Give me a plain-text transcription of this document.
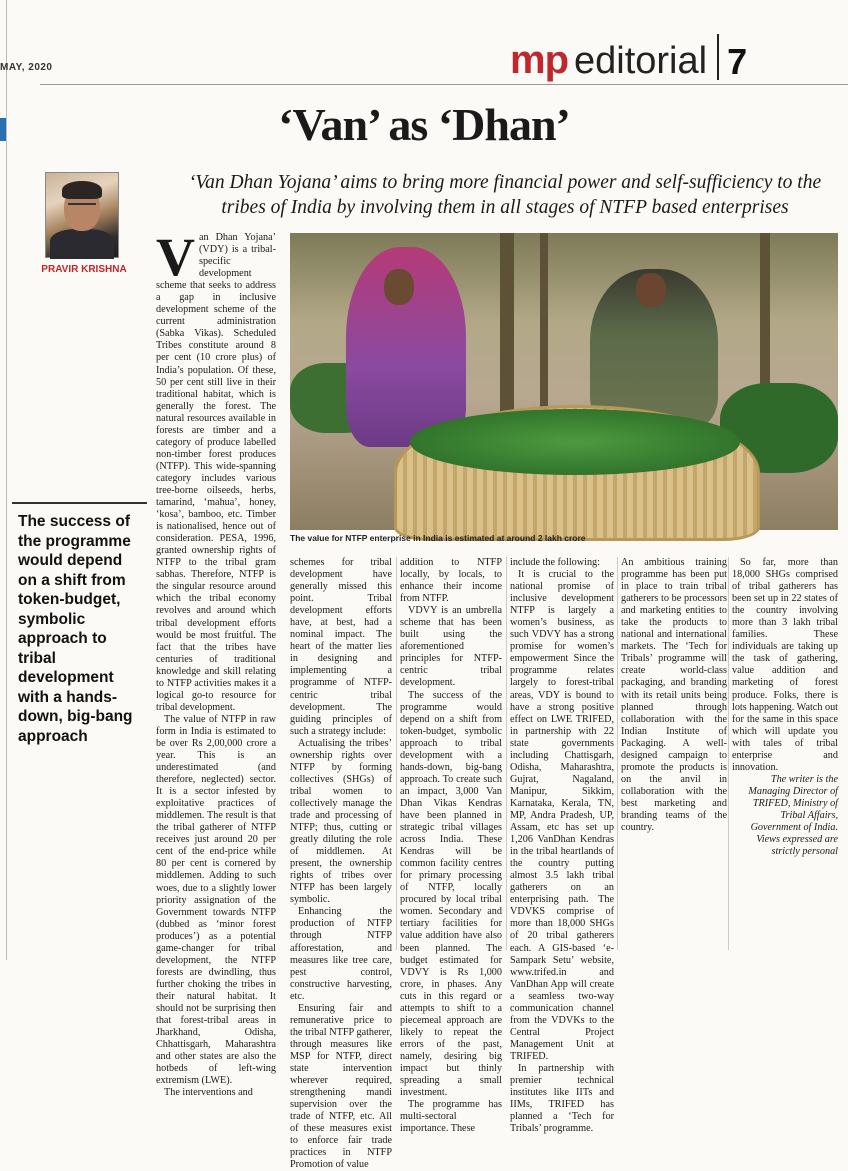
MAY, 2020	mp editorial 7
‘Van’ as ‘Dhan’
‘Van Dhan Yojana’ aims to bring more financial power and self-sufficiency to the tribes of India by involving them in all stages of NTFP based enterprises
PRAVIR KRISHNA
The success of the programme would depend on a shift from token-budget, symbolic approach to tribal development with a hands-down, big-bang approach
V an Dhan Yojana’ (VDY) is a tribal-specific development scheme that seeks to address a gap in inclusive development scheme of the current administration (Sabka Vikas). Scheduled Tribes constitute around 8 per cent (10 crore plus) of India’s population. Of these, 50 per cent still live in their traditional habitat, which is generally the forest. The natural resources available in forests are timber and a category of produce labelled non-timber forest produces (NTFP). This wide-spanning category includes various tree-borne oilseeds, herbs, tamarind, ‘mahua’, honey, ‘kosa’, bamboo, etc. Timber is nationalised, hence out of consideration. PESA, 1996, granted ownership rights of NTFP to the tribal gram sabhas. Therefore, NTFP is the singular resource around which the tribal economy revolves and around which tribal development efforts would be most fruitful. The fact that the tribes have centuries of traditional knowledge and skill relating to NTFP activities makes it a logical go-to resource for tribal development.

The value of NTFP in raw form in India is estimated to be over Rs 2,00,000 crore a year. This is an underestimated (and therefore, neglected) sector. It is a sector infested by exploitative practices of middlemen. The result is that the tribal gatherer of NTFP receives just around 20 per cent of the end-price while 80 per cent is cornered by middlemen. Adding to such woes, due to a slightly lower priority assignation of the Government towards NTFP (dubbed as ‘minor forest produces’) as a potential game-changer for tribal development, the NTFP forests are dwindling, thus further choking the tribes in their natural habitat. It should not be surprising then that forest-tribal areas in Jharkhand, Odisha, Chhattisgarh, Maharashtra and other states are also the hotbeds of left-wing extremism (LWE).

The interventions and

The value for NTFP enterprise in India is estimated at around 2 lakh crore

schemes for tribal development have generally missed this point. Tribal development efforts have, at best, had a nominal impact. The heart of the matter lies in designing and implementing a programme of NTFP-centric tribal development. The guiding principles of such a strategy include:

Actualising the tribes’ ownership rights over NTFP by forming collectives (SHGs) of tribal women to collectively manage the trade and processing of NTFP; thus, cutting or greatly diluting the role of middlemen. At present, the ownership rights of tribes over NTFP has been largely symbolic.

Enhancing the production of NTFP through NTFP afforestation, and measures like tree care, pest control, constructive harvesting, etc.

Ensuring fair and remunerative price to the tribal NTFP gatherer, through measures like MSP for NTFP, direct state intervention wherever required, strengthening mandi supervision over the trade of NTFP, etc. All of these measures exist to enforce fair trade practices in NTFP Promotion of value

addition to NTFP locally, by locals, to enhance their income from NTFP.

VDVY is an umbrella scheme that has been built using the aforementioned principles for NTFP-centric tribal development.

The success of the programme would depend on a shift from token-budget, symbolic approach to tribal development with a hands-down, big-bang approach. To create such an impact, 3,000 Van Dhan Vikas Kendras have been planned in strategic tribal villages across India. These Kendras will be common facility centres for primary processing of NTFP, locally procured by local tribal women. Secondary and tertiary facilities for value addition have also been planned. The budget estimated for VDVY is Rs 1,000 crore, in phases. Any cuts in this regard or attempts to shift to a piecemeal approach are likely to repeat the errors of the past, namely, desiring big impact but thinly spreading a small investment.

The programme has multi-sectoral importance. These

include the following:

It is crucial to the national promise of inclusive development NTFP is largely a women’s business, as such VDVY has a strong promise for women’s empowerment Since the programme relates largely to forest-tribal areas, VDY is bound to have a strong positive effect on LWE TRIFED, in partnership with 22 state governments including Chattisgarh, Odisha, Maharashtra, Gujrat, Nagaland, Manipur, Sikkim, Karnataka, Kerala, TN, MP, Andra Pradesh, UP, Assam, etc has set up 1,206 VanDhan Kendras in the tribal heartlands of the country putting almost 3.5 lakh tribal gatherers on an enterprising path. The VDVKS comprise of more than 18,000 SHGs of 20 tribal gatherers each. A GIS-based ‘e-Sampark Setu’ website, www.trifed.in and VanDhan App will create a seamless two-way communication channel from the VDVKs to the Central Project Management Unit at TRIFED.

In partnership with premier technical institutes like IITs and IIMs, TRIFED has planned a ‘Tech for Tribals’ programme.

An ambitious training programme has been put in place to train tribal gatherers to be processors and marketing entities to take the products to national and international markets. The ‘Tech for Tribals’ programme will create world-class packaging, and branding with its retail units being planned through collaboration with the Indian Institute of Packaging. A well-designed campaign to promote the products is on the anvil in collaboration with the best marketing and branding teams of the country.

So far, more than 18,000 SHGs comprised of tribal gatherers has been set up in 22 states of the country involving more than 3 lakh tribal families. These individuals are taking up the task of gathering, value addition and marketing of forest produce. Folks, there is lots happening. Watch out for the same in this space which will update you with tales of tribal enterprise and innovation.

The writer is the Managing Director of TRIFED, Ministry of Tribal Affairs, Government of India. Views expressed are strictly personal
